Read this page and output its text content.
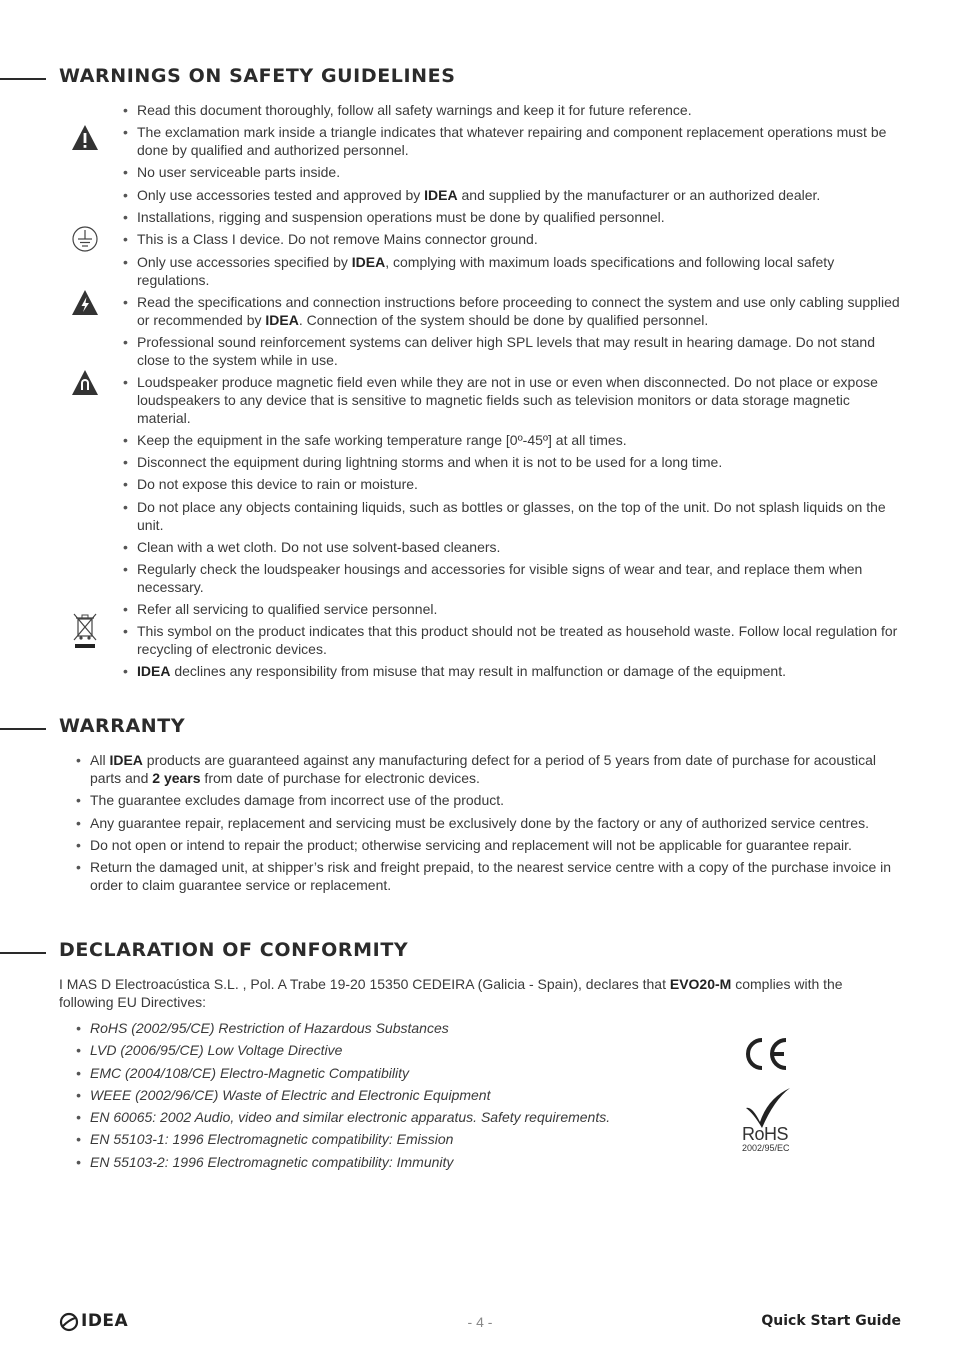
WARNINGS ON SAFETY GUIDELINES
• Read this document thoroughly, follow all safety warnings and keep it for future reference.
• The exclamation mark inside a triangle indicates that whatever repairing and component replacement operations must be done by qualified and authorized personnel.
• No user serviceable parts inside.
• Only use accessories tested and approved by IDEA and supplied by the manufacturer or an authorized dealer.
• Installations, rigging and suspension operations must be done by qualified personnel.
• This is a Class I device. Do not remove Mains connector ground.
• Only use accessories specified by IDEA, complying with maximum loads specifications and following local safety regulations.
• Read the specifications and connection instructions before proceeding to connect the system and use only cabling supplied or recommended by IDEA. Connection of the system should be done by qualified personnel.
• Professional sound reinforcement systems can deliver high SPL levels that may result in hearing damage. Do not stand close to the system while in use.
• Loudspeaker produce magnetic field even while they are not in use or even when disconnected. Do not place or expose loudspeakers to any device that is sensitive to magnetic fields such as television monitors or data storage magnetic material.
• Keep the equipment in the safe working temperature range [0º-45º] at all times.
• Disconnect the equipment during lightning storms and when it is not to be used for a long time.
• Do not expose this device to rain or moisture.
• Do not place any objects containing liquids, such as bottles or glasses, on the top of the unit. Do not splash liquids on the unit.
• Clean with a wet cloth. Do not use solvent-based cleaners.
• Regularly check the loudspeaker housings and accessories for visible signs of wear and tear, and replace them when necessary.
• Refer all servicing to qualified service personnel.
• This symbol on the product indicates that this product should not be treated as household waste. Follow local regulation for recycling of electronic devices.
• IDEA declines any responsibility from misuse that may result in malfunction or damage of the equipment.
WARRANTY
• All IDEA products are guaranteed against any manufacturing defect for a period of 5 years from date of purchase for acoustical parts and 2 years from date of purchase for electronic devices.
• The guarantee excludes damage from incorrect use of the product.
• Any guarantee repair, replacement and servicing must be exclusively done by the factory or any of authorized service centres.
• Do not open or intend to repair the product; otherwise servicing and replacement will not be applicable for guarantee repair.
• Return the damaged unit, at shipper’s risk and freight prepaid, to the nearest service centre with a copy of the purchase invoice in order to claim guarantee service or replacement.
DECLARATION OF CONFORMITY
I MAS D Electroacústica S.L. , Pol. A Trabe 19-20 15350 CEDEIRA (Galicia - Spain), declares that EVO20-M complies with the following EU Directives:
• RoHS (2002/95/CE) Restriction of Hazardous Substances
• LVD (2006/95/CE) Low Voltage Directive
• EMC (2004/108/CE) Electro-Magnetic Compatibility
• WEEE (2002/96/CE) Waste of Electric and Electronic Equipment
• EN 60065: 2002 Audio, video and similar electronic apparatus. Safety requirements.
• EN 55103-1: 1996 Electromagnetic compatibility: Emission
• EN 55103-2: 1996 Electromagnetic compatibility: Immunity
RoHS
2002/95/EC
IDEA	- 4 -	Quick Start Guide
